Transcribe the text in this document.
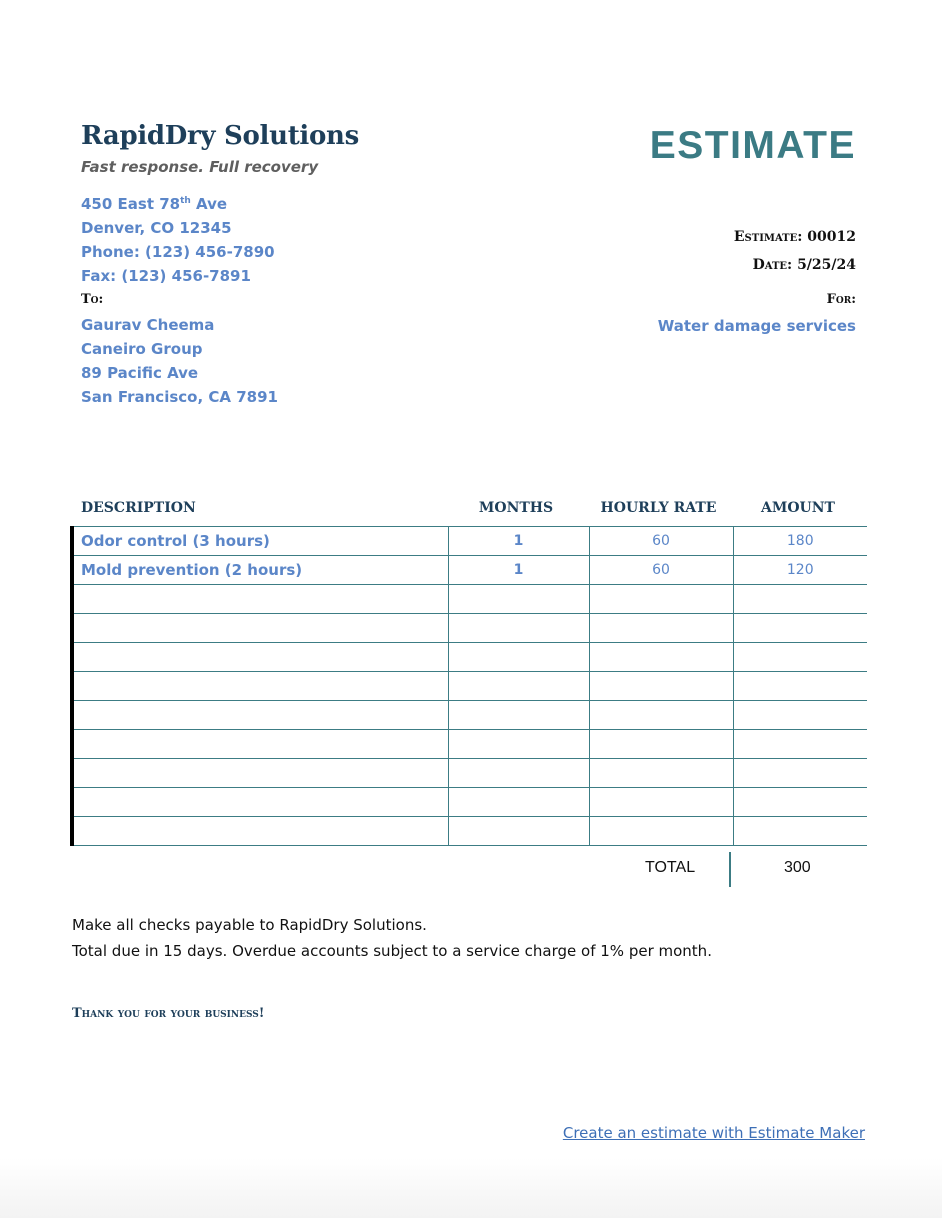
RapidDry Solutions
Fast response. Full recovery	ESTIMATE
450 East 78th Ave
Denver, CO 12345
Phone: (123) 456-7890
Fax: (123) 456-7891
Estimate: 00012
Date: 5/25/24
To:	For:
Water damage services
Gaurav Cheema
Caneiro Group
89 Pacific Ave
San Francisco, CA 7891
DESCRIPTION	MONTHS	HOURLY RATE	AMOUNT
Odor control (3 hours)	1	60	180
Mold prevention (2 hours)	1	60	120

TOTAL	300
Make all checks payable to RapidDry Solutions.
Total due in 15 days. Overdue accounts subject to a service charge of 1% per month.
Thank you for your business!
Create an estimate with Estimate Maker
